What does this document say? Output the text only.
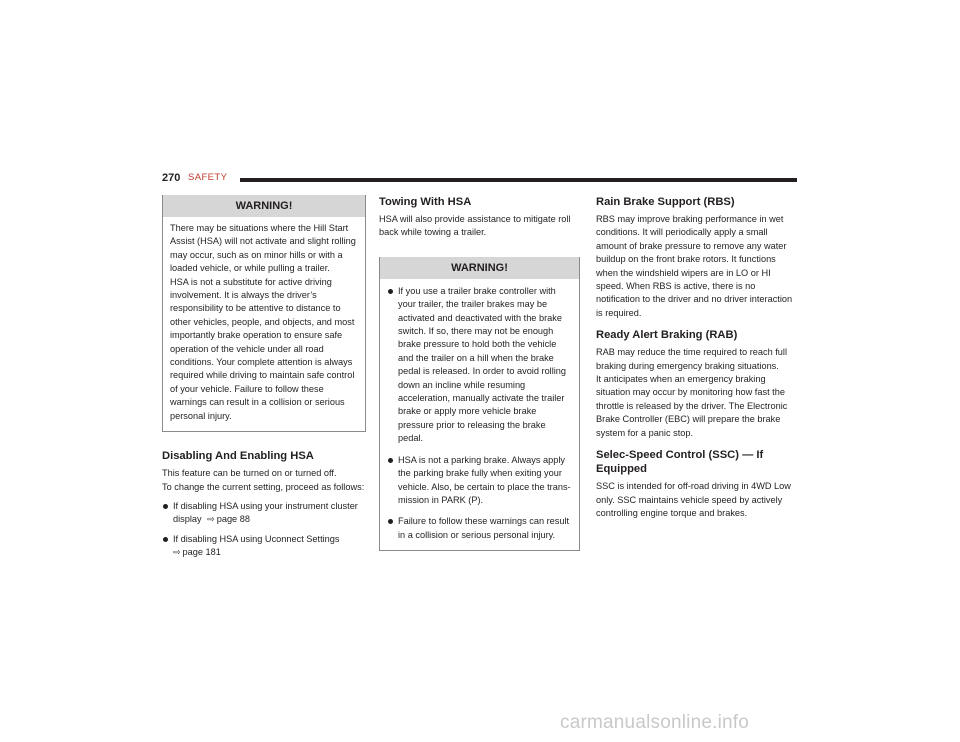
270 SAFETY
WARNING!

There may be situations where the Hill Start Assist (HSA) will not activate and slight rolling may occur, such as on minor hills or with a loaded vehicle, or while pulling a trailer.

HSA is not a substitute for active driving involvement. It is always the driver’s responsibility to be attentive to distance to other vehicles, people, and objects, and most importantly brake operation to ensure safe operation of the vehicle under all road conditions. Your complete attention is always required while driving to maintain safe control of your vehicle. Failure to follow these warnings can result in a collision or serious personal injury.

Disabling And Enabling HSA

This feature can be turned on or turned off.

To change the current setting, proceed as follows:

If disabling HSA using your instrument cluster display ⇨ page 88
If disabling HSA using Uconnect Settings
⇨ page 181
Towing With HSA

HSA will also provide assistance to mitigate roll back while towing a trailer.

WARNING!
If you use a trailer brake controller with your trailer, the trailer brakes may be activated and deactivated with the brake switch. If so, there may not be enough brake pressure to hold both the vehicle and the trailer on a hill when the brake pedal is released. In order to avoid rolling down an incline while resuming acceleration, manually activate the trailer brake or apply more vehicle brake pressure prior to releasing the brake pedal.
HSA is not a parking brake. Always apply the parking brake fully when exiting your vehicle. Also, be certain to place the trans-mission in PARK (P).
Failure to follow these warnings can result in a collision or serious personal injury.
Rain Brake Support (RBS)

RBS may improve braking performance in wet conditions. It will periodically apply a small amount of brake pressure to remove any water buildup on the front brake rotors. It functions when the windshield wipers are in LO or HI speed. When RBS is active, there is no notification to the driver and no driver interaction is required.

Ready Alert Braking (RAB)

RAB may reduce the time required to reach full braking during emergency braking situations.

It anticipates when an emergency braking situation may occur by monitoring how fast the throttle is released by the driver. The Electronic Brake Controller (EBC) will prepare the brake system for a panic stop.

Selec-Speed Control (SSC) — If Equipped

SSC is intended for off-road driving in 4WD Low only. SSC maintains vehicle speed by actively controlling engine torque and brakes.

carmanualsonline.info
